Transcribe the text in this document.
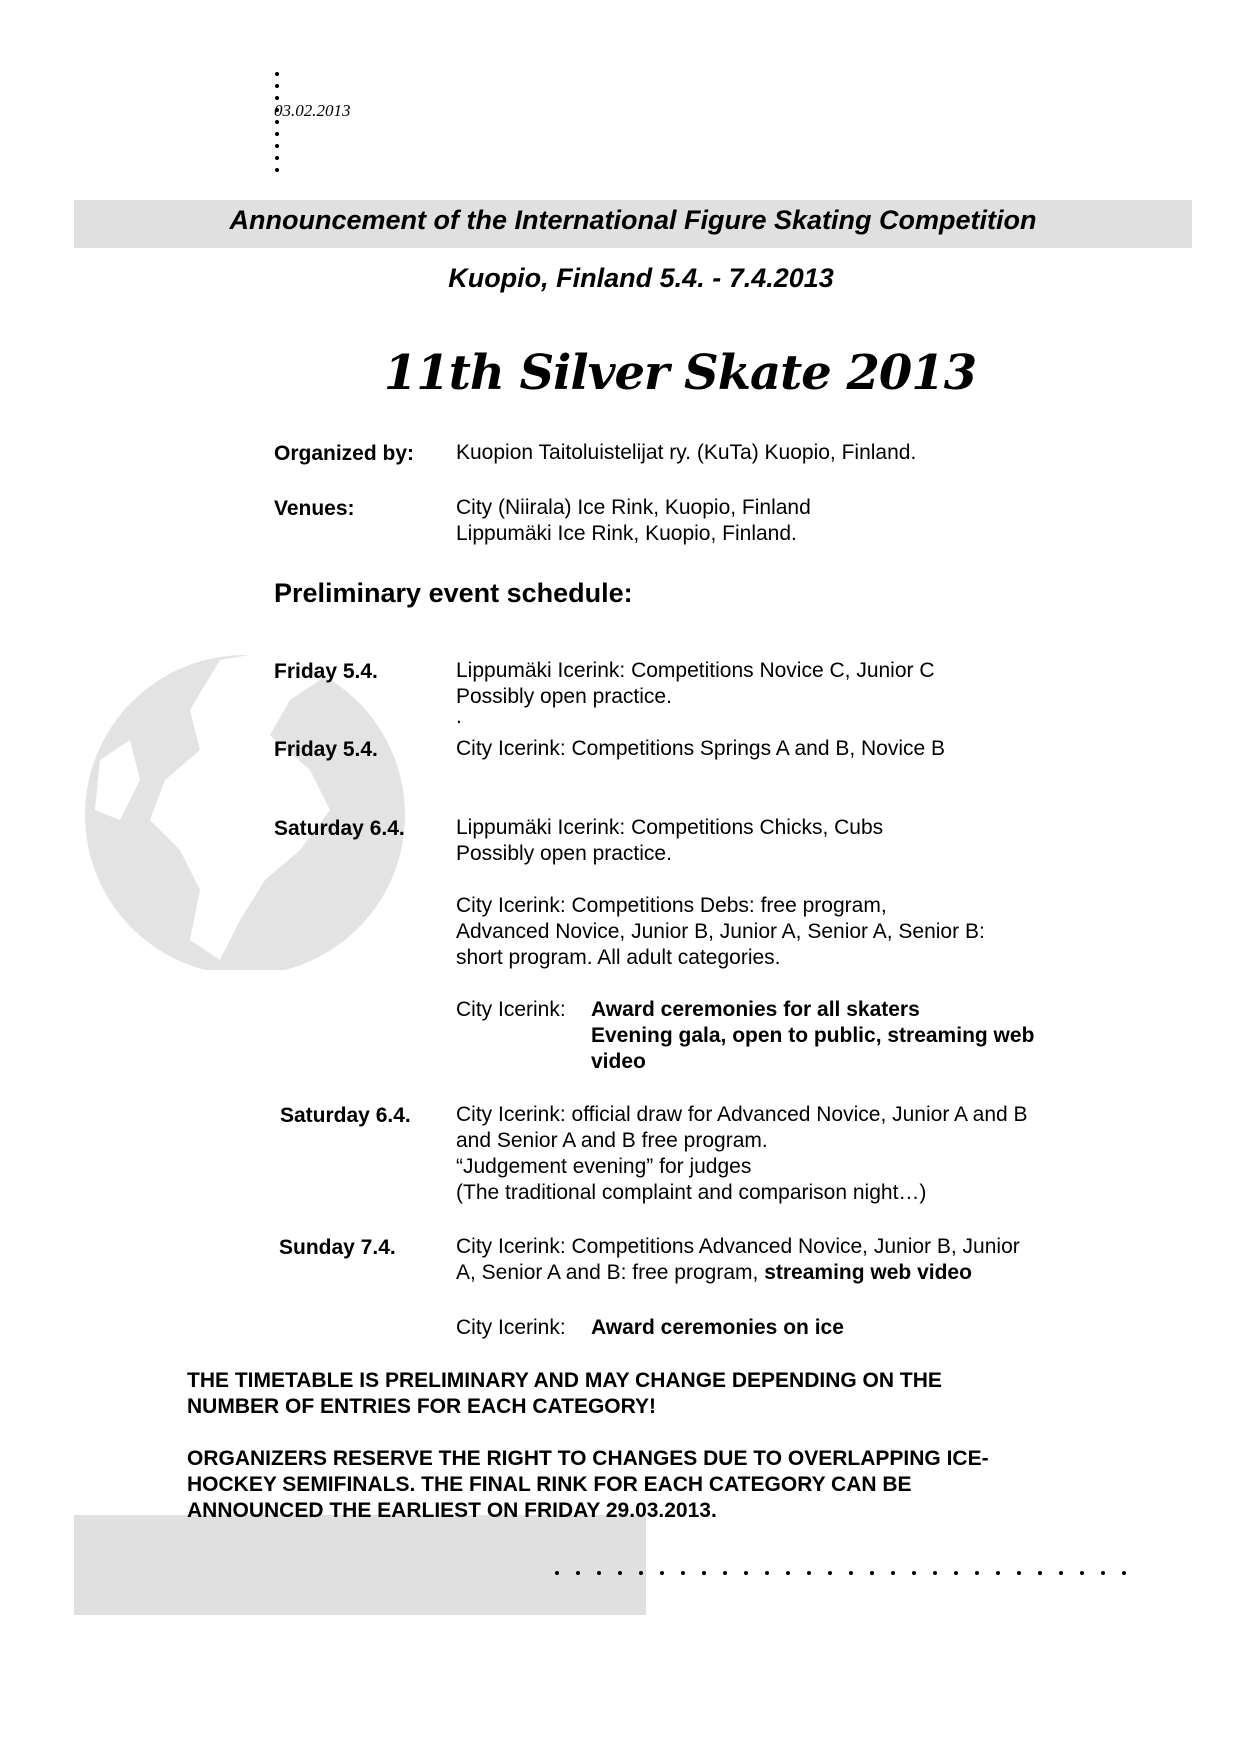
03.02.2013
Announcement of the International Figure Skating Competition
Kuopio, Finland 5.4. - 7.4.2013
11th Silver Skate 2013
Organized by: Kuopion Taitoluistelijat ry. (KuTa) Kuopio, Finland.
Venues:	City (Niirala) Ice Rink, Kuopio, Finland
Lippumäki Ice Rink, Kuopio, Finland.
Preliminary event schedule:
Friday 5.4.	Lippumäki Icerink: Competitions Novice C, Junior C
Possibly open practice.
.
Friday 5.4.	City Icerink: Competitions Springs A and B, Novice B
Saturday 6.4. Lippumäki Icerink: Competitions Chicks, Cubs
Possibly open practice.
City Icerink: Competitions Debs: free program,
Advanced Novice, Junior B, Junior A, Senior A, Senior B:
short program. All adult categories.
City Icerink: Award ceremonies for all skaters
Evening gala, open to public, streaming web
video
Saturday 6.4. City Icerink: official draw for Advanced Novice, Junior A and B
and Senior A and B free program.
“Judgement evening” for judges
(The traditional complaint and comparison night…)
Sunday 7.4.	City Icerink: Competitions Advanced Novice, Junior B, Junior
A, Senior A and B: free program, streaming web video
City Icerink: Award ceremonies on ice
THE TIMETABLE IS PRELIMINARY AND MAY CHANGE DEPENDING ON THE
NUMBER OF ENTRIES FOR EACH CATEGORY!
ORGANIZERS RESERVE THE RIGHT TO CHANGES DUE TO OVERLAPPING ICE-
HOCKEY SEMIFINALS. THE FINAL RINK FOR EACH CATEGORY CAN BE
ANNOUNCED THE EARLIEST ON FRIDAY 29.03.2013.
